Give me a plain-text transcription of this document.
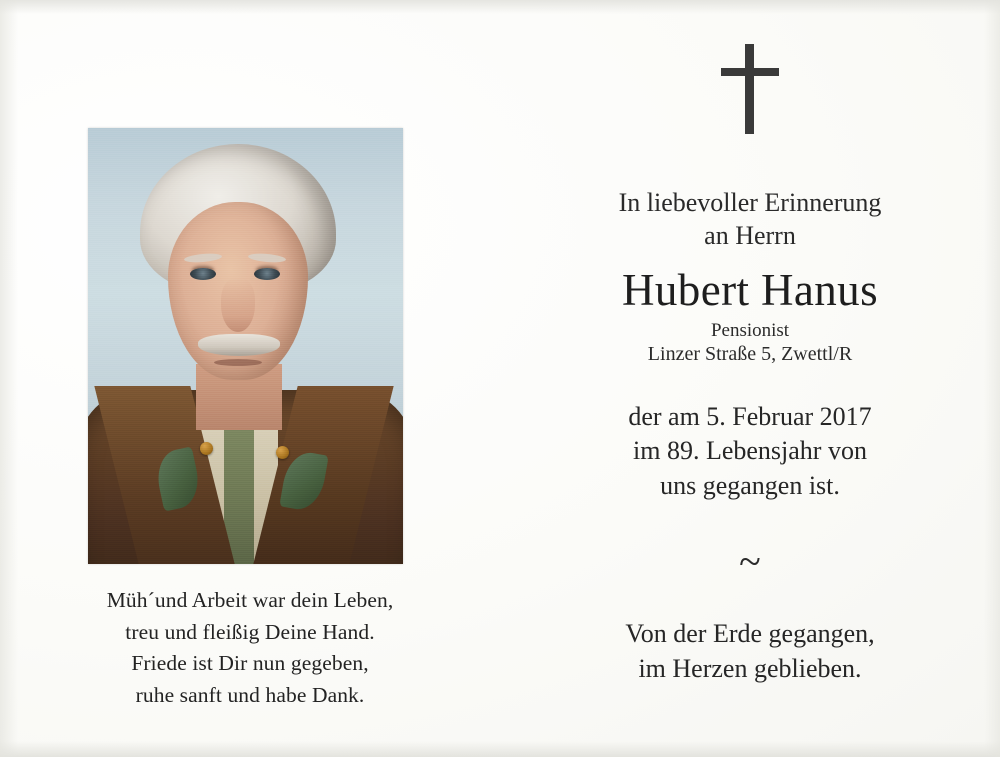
Müh´und Arbeit war dein Leben,
treu und fleißig Deine Hand.
Friede ist Dir nun gegeben,
ruhe sanft und habe Dank.
In liebevoller Erinnerung
an Herrn
Hubert Hanus
Pensionist
Linzer Straße 5, Zwettl/R
der am 5. Februar 2017
im 89. Lebensjahr von
uns gegangen ist.
~
Von der Erde gegangen,
im Herzen geblieben.
